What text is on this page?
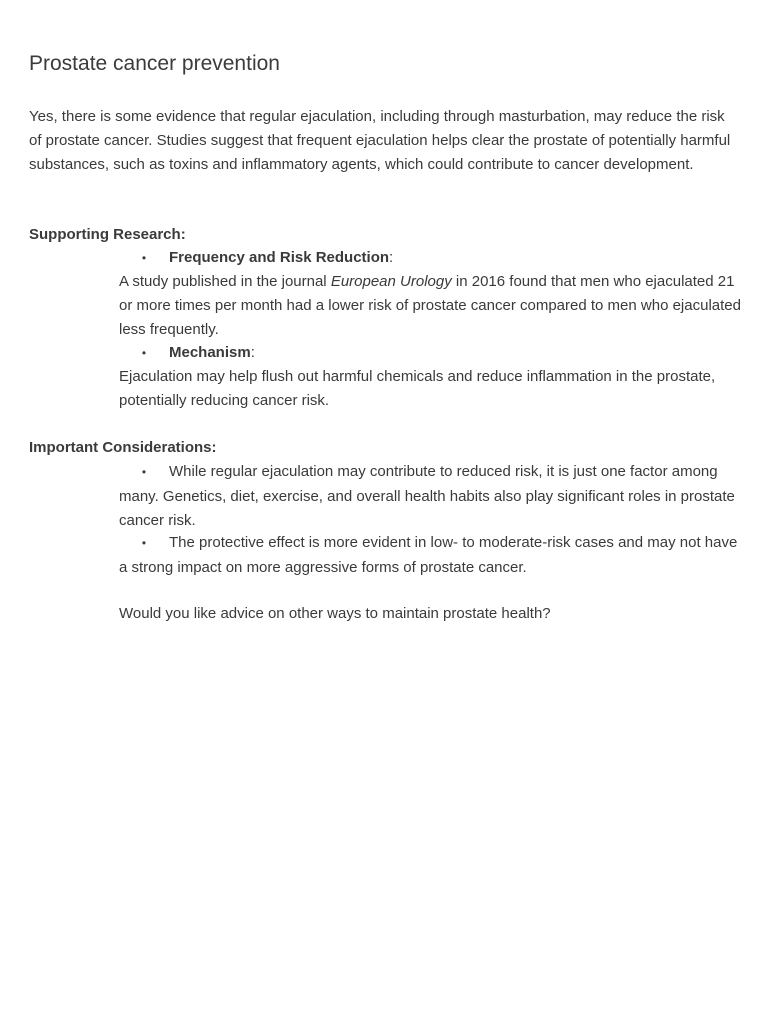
Prostate cancer prevention

Yes, there is some evidence that regular ejaculation, including through masturbation, may reduce the risk of prostate cancer. Studies suggest that frequent ejaculation helps clear the prostate of potentially harmful substances, such as toxins and inflammatory agents, which could contribute to cancer development.

Supporting Research:

• Frequency and Risk Reduction:

A study published in the journal European Urology in 2016 found that men who ejaculated 21 or more times per month had a lower risk of prostate cancer compared to men who ejaculated less frequently.

• Mechanism:

Ejaculation may help flush out harmful chemicals and reduce inflammation in the prostate, potentially reducing cancer risk.

Important Considerations:

• While regular ejaculation may contribute to reduced risk, it is just one factor among many. Genetics, diet, exercise, and overall health habits also play significant roles in prostate cancer risk.

• The protective effect is more evident in low- to moderate-risk cases and may not have a strong impact on more aggressive forms of prostate cancer.

Would you like advice on other ways to maintain prostate health?
